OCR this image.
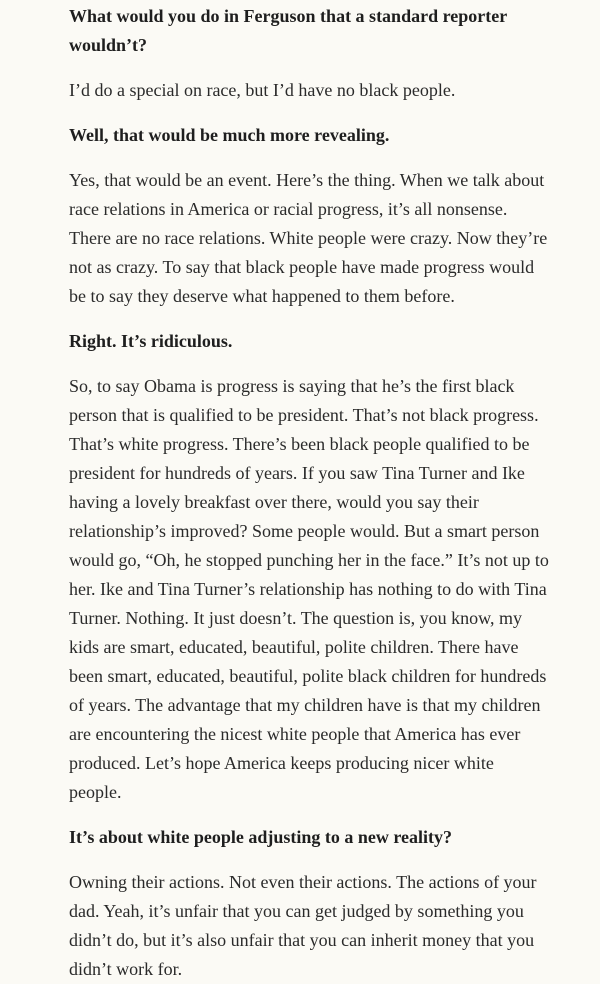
What would you do in Ferguson that a standard reporter wouldn’t?

I’d do a special on race, but I’d have no black people.

Well, that would be much more revealing.

Yes, that would be an event. Here’s the thing. When we talk about race relations in America or racial progress, it’s all nonsense. There are no race relations. White people were crazy. Now they’re not as crazy. To say that black people have made progress would be to say they deserve what happened to them before.

Right. It’s ridiculous.

So, to say Obama is progress is saying that he’s the first black person that is qualified to be president. That’s not black progress. That’s white progress. There’s been black people qualified to be president for hundreds of years. If you saw Tina Turner and Ike having a lovely breakfast over there, would you say their relationship’s improved? Some people would. But a smart person would go, “Oh, he stopped punching her in the face.” It’s not up to her. Ike and Tina Turner’s relationship has nothing to do with Tina Turner. Nothing. It just doesn’t. The question is, you know, my kids are smart, educated, beautiful, polite children. There have been smart, educated, beautiful, polite black children for hundreds of years. The advantage that my children have is that my children are encountering the nicest white people that America has ever produced. Let’s hope America keeps producing nicer white people.

It’s about white people adjusting to a new reality?

Owning their actions. Not even their actions. The actions of your dad. Yeah, it’s unfair that you can get judged by something you didn’t do, but it’s also unfair that you can inherit money that you didn’t work for.
